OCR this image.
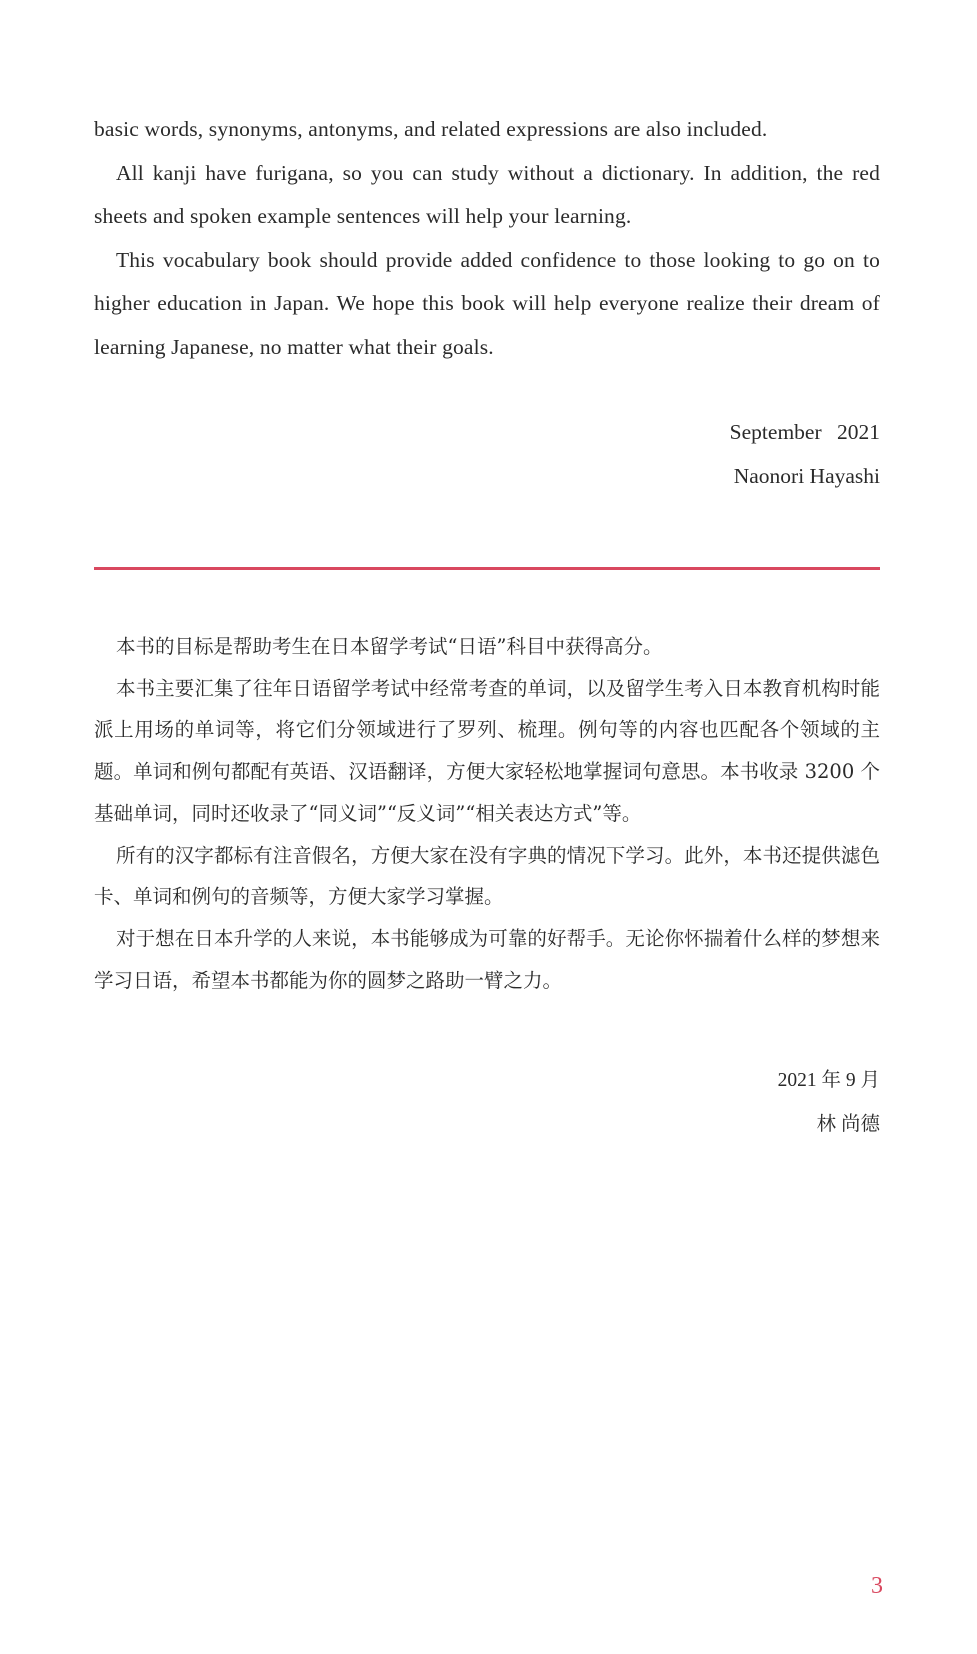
basic words, synonyms, antonyms, and related expressions are also included.

All kanji have furigana, so you can study without a dictionary. In addition, the red sheets and spoken example sentences will help your learning.

This vocabulary book should provide added confidence to those looking to go on to higher education in Japan. We hope this book will help everyone realize their dream of learning Japanese, no matter what their goals.

September 2021
Naonori Hayashi

本书的目标是帮助考生在日本留学考试“日语”科目中获得高分。

本书主要汇集了往年日语留学考试中经常考查的单词，以及留学生考入日本教育机构时能派上用场的单词等，将它们分领域进行了罗列、梳理。例句等的内容也匹配各个领域的主题。单词和例句都配有英语、汉语翻译，方便大家轻松地掌握词句意思。本书收录 3200 个基础单词，同时还收录了“同义词”“反义词”“相关表达方式”等。

所有的汉字都标有注音假名，方便大家在没有字典的情况下学习。此外，本书还提供滤色卡、单词和例句的音频等，方便大家学习掌握。

对于想在日本升学的人来说，本书能够成为可靠的好帮手。无论你怀揣着什么样的梦想来学习日语，希望本书都能为你的圆梦之路助一臂之力。

2021 年 9 月
林 尚德
3
